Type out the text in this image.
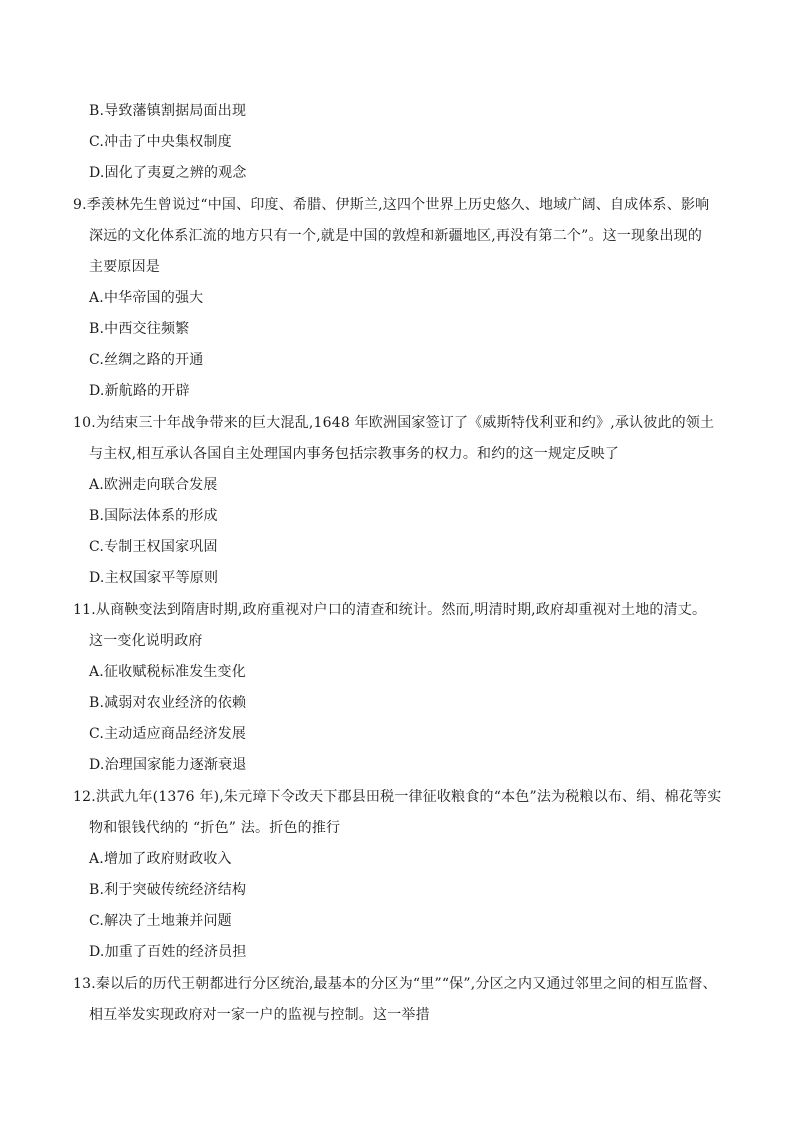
B.导致藩镇割据局面出现
C.冲击了中央集权制度
D.固化了夷夏之辨的观念
9.季羡林先生曾说过“中国、印度、希腊、伊斯兰,这四个世界上历史悠久、地域广阔、自成体系、影响
深远的文化体系汇流的地方只有一个,就是中国的敦煌和新疆地区,再没有第二个”。这一现象出现的
主要原因是
A.中华帝国的强大
B.中西交往频繁
C.丝绸之路的开通
D.新航路的开辟
10.为结束三十年战争带来的巨大混乱,1648 年欧洲国家签订了《威斯特伐利亚和约》,承认彼此的领土
与主权,相互承认各国自主处理国内事务包括宗教事务的权力。和约的这一规定反映了
A.欧洲走向联合发展
B.国际法体系的形成
C.专制王权国家巩固
D.主权国家平等原则
11.从商鞅变法到隋唐时期,政府重视对户口的清查和统计。然而,明清时期,政府却重视对土地的清丈。
这一变化说明政府
A.征收赋税标准发生变化
B.减弱对农业经济的依赖
C.主动适应商品经济发展
D.治理国家能力逐渐衰退
12.洪武九年(1376 年),朱元璋下令改天下郡县田税一律征收粮食的“本色”法为税粮以布、绢、棉花等实
物和银钱代纳的 “折色” 法。折色的推行
A.增加了政府财政收入
B.利于突破传统经济结构
C.解决了土地兼并问题
D.加重了百姓的经济员担
13.秦以后的历代王朝都进行分区统治,最基本的分区为“里”“保”,分区之内又通过邻里之间的相互监督、
相互举发实现政府对一家一户的监视与控制。这一举措
